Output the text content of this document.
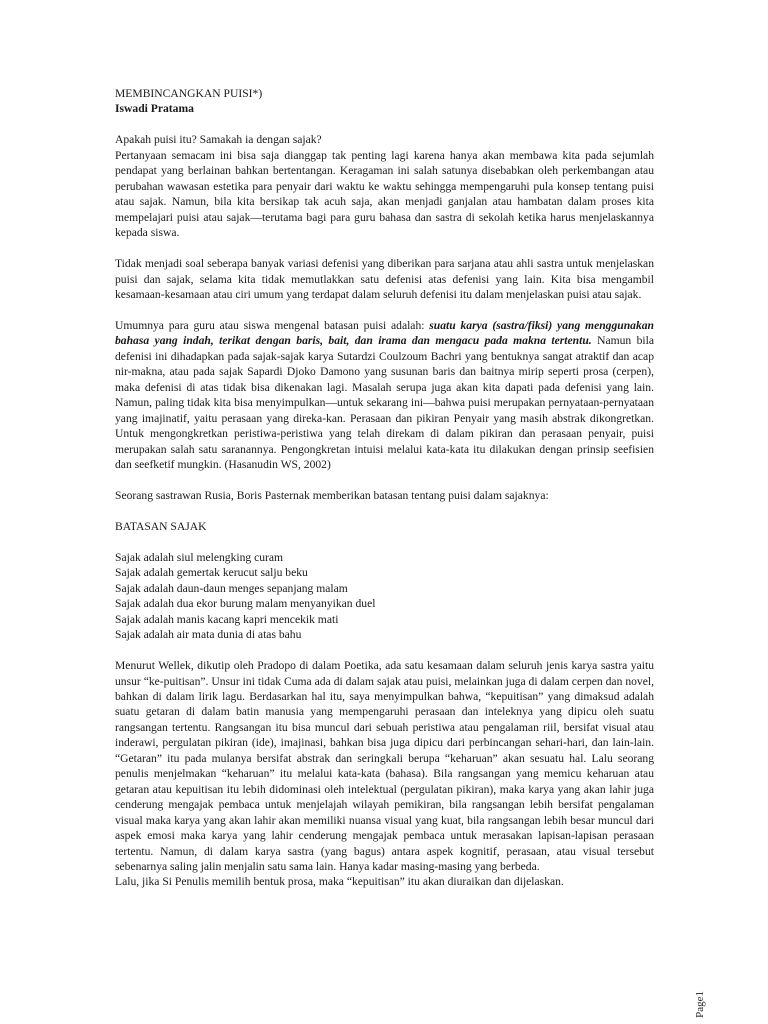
MEMBINCANGKAN PUISI*)

Iswadi Pratama

Apakah puisi itu? Samakah ia dengan sajak?

Pertanyaan semacam ini bisa saja dianggap tak penting lagi karena hanya akan membawa kita pada sejumlah pendapat yang berlainan bahkan bertentangan. Keragaman ini salah satunya disebabkan oleh perkembangan atau perubahan wawasan estetika para penyair dari waktu ke waktu sehingga mempengaruhi pula konsep tentang puisi atau sajak. Namun, bila kita bersikap tak acuh saja, akan menjadi ganjalan atau hambatan dalam proses kita mempelajari puisi atau sajak—terutama bagi para guru bahasa dan sastra di sekolah ketika harus menjelaskannya kepada siswa.

Tidak menjadi soal seberapa banyak variasi defenisi yang diberikan para sarjana atau ahli sastra untuk menjelaskan puisi dan sajak, selama kita tidak memutlakkan satu defenisi atas defenisi yang lain. Kita bisa mengambil kesamaan-kesamaan atau ciri umum yang terdapat dalam seluruh defenisi itu dalam menjelaskan puisi atau sajak.

Umumnya para guru atau siswa mengenal batasan puisi adalah: suatu karya (sastra/fiksi) yang menggunakan bahasa yang indah, terikat dengan baris, bait, dan irama dan mengacu pada makna tertentu. Namun bila defenisi ini dihadapkan pada sajak-sajak karya Sutardzi Coulzoum Bachri yang bentuknya sangat atraktif dan acap nir-makna, atau pada sajak Sapardi Djoko Damono yang susunan baris dan baitnya mirip seperti prosa (cerpen), maka defenisi di atas tidak bisa dikenakan lagi. Masalah serupa juga akan kita dapati pada defenisi yang lain. Namun, paling tidak kita bisa menyimpulkan—untuk sekarang ini—bahwa puisi merupakan pernyataan-pernyataan yang imajinatif, yaitu perasaan yang direka-kan. Perasaan dan pikiran Penyair yang masih abstrak dikongretkan. Untuk mengongkretkan peristiwa-peristiwa yang telah direkam di dalam pikiran dan perasaan penyair, puisi merupakan salah satu saranannya. Pengongkretan intuisi melalui kata-kata itu dilakukan dengan prinsip seefisien dan seefketif mungkin. (Hasanudin WS, 2002)

Seorang sastrawan Rusia, Boris Pasternak memberikan batasan tentang puisi dalam sajaknya:

BATASAN SAJAK

Sajak adalah siul melengking curam

Sajak adalah gemertak kerucut salju beku

Sajak adalah daun-daun menges sepanjang malam

Sajak adalah dua ekor burung malam menyanyikan duel

Sajak adalah manis kacang kapri mencekik mati

Sajak adalah air mata dunia di atas bahu

Menurut Wellek, dikutip oleh Pradopo di dalam Poetika, ada satu kesamaan dalam seluruh jenis karya sastra yaitu unsur “ke-puitisan”. Unsur ini tidak Cuma ada di dalam sajak atau puisi, melainkan juga di dalam cerpen dan novel, bahkan di dalam lirik lagu. Berdasarkan hal itu, saya menyimpulkan bahwa, “kepuitisan” yang dimaksud adalah suatu getaran di dalam batin manusia yang mempengaruhi perasaan dan inteleknya yang dipicu oleh suatu rangsangan tertentu. Rangsangan itu bisa muncul dari sebuah peristiwa atau pengalaman riil, bersifat visual atau inderawi, pergulatan pikiran (ide), imajinasi, bahkan bisa juga dipicu dari perbincangan sehari-hari, dan lain-lain. “Getaran” itu pada mulanya bersifat abstrak dan seringkali berupa “keharuan” akan sesuatu hal. Lalu seorang penulis menjelmakan “keharuan” itu melalui kata-kata (bahasa). Bila rangsangan yang memicu keharuan atau getaran atau kepuitisan itu lebih didominasi oleh intelektual (pergulatan pikiran), maka karya yang akan lahir juga cenderung mengajak pembaca untuk menjelajah wilayah pemikiran, bila rangsangan lebih bersifat pengalaman visual maka karya yang akan lahir akan memiliki nuansa visual yang kuat, bila rangsangan lebih besar muncul dari aspek emosi maka karya yang lahir cenderung mengajak pembaca untuk merasakan lapisan-lapisan perasaan tertentu. Namun, di dalam karya sastra (yang bagus) antara aspek kognitif, perasaan, atau visual tersebut sebenarnya saling jalin menjalin satu sama lain. Hanya kadar masing-masing yang berbeda.

Lalu, jika Si Penulis memilih bentuk prosa, maka “kepuitisan” itu akan diuraikan dan dijelaskan.

Page1
